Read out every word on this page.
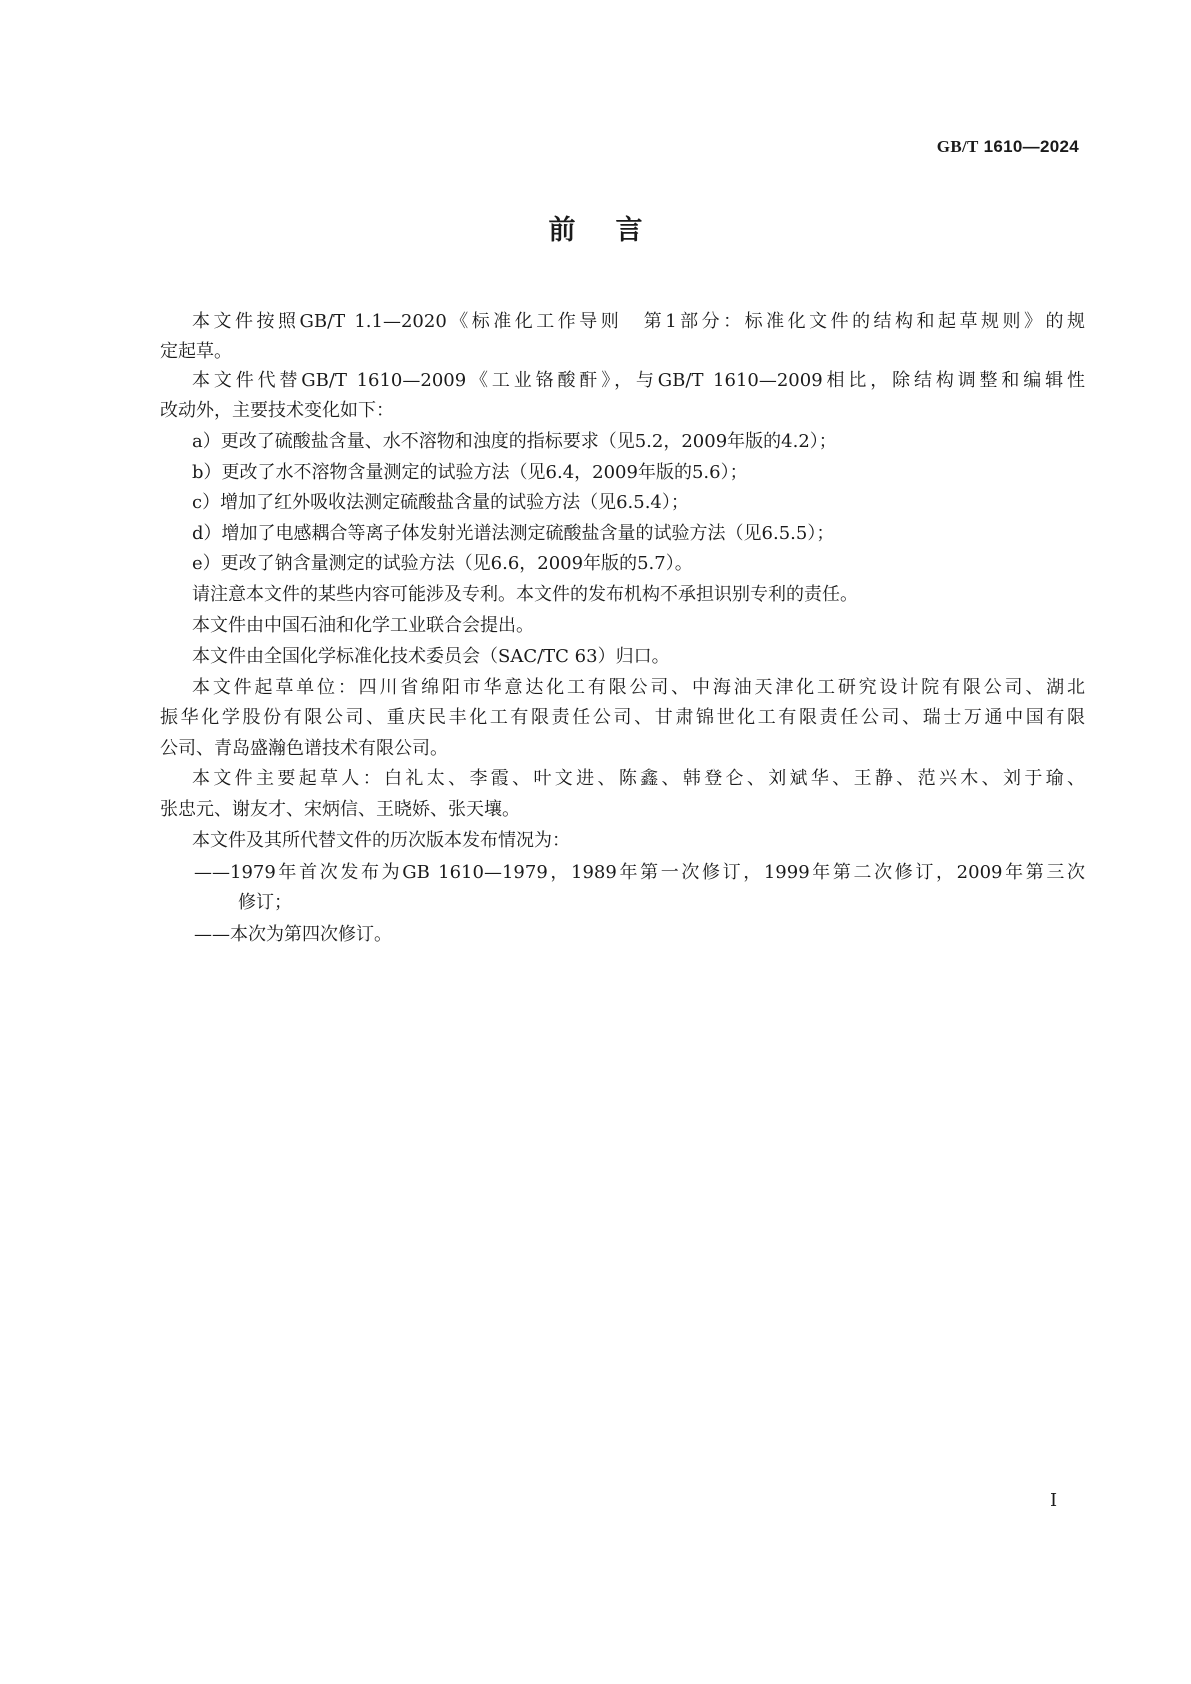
GB/T 1610—2024
前言
本文件按照GB/T 1.1—2020《标准化工作导则　第1部分：标准化文件的结构和起草规则》的规
定起草。
本文件代替GB/T 1610—2009《工业铬酸酐》，与GB/T 1610—2009相比，除结构调整和编辑性
改动外，主要技术变化如下：
a）更改了硫酸盐含量、水不溶物和浊度的指标要求（见5.2，2009年版的4.2）；
b）更改了水不溶物含量测定的试验方法（见6.4，2009年版的5.6）；
c）增加了红外吸收法测定硫酸盐含量的试验方法（见6.5.4）；
d）增加了电感耦合等离子体发射光谱法测定硫酸盐含量的试验方法（见6.5.5）；
e）更改了钠含量测定的试验方法（见6.6，2009年版的5.7）。
请注意本文件的某些内容可能涉及专利。本文件的发布机构不承担识别专利的责任。
本文件由中国石油和化学工业联合会提出。
本文件由全国化学标准化技术委员会（SAC/TC 63）归口。
本文件起草单位：四川省绵阳市华意达化工有限公司、中海油天津化工研究设计院有限公司、湖北
振华化学股份有限公司、重庆民丰化工有限责任公司、甘肃锦世化工有限责任公司、瑞士万通中国有限
公司、青岛盛瀚色谱技术有限公司。
本文件主要起草人：白礼太、李霞、叶文进、陈鑫、韩登仑、刘斌华、王静、范兴木、刘于瑜、
张忠元、谢友才、宋炳信、王晓娇、张天壤。
本文件及其所代替文件的历次版本发布情况为：
——1979年首次发布为GB 1610—1979，1989年第一次修订，1999年第二次修订，2009年第三次
修订；
——本次为第四次修订。
I
